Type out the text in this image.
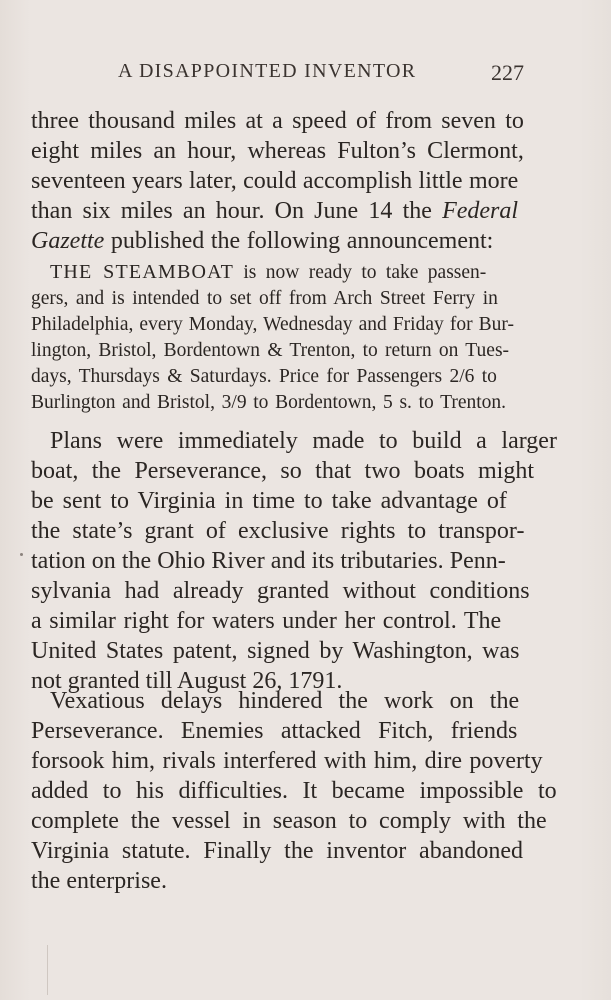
A DISAPPOINTED INVENTOR	227
three thousand miles at a speed of from seven to
eight miles an hour, whereas Fulton’s Clermont,
seventeen years later, could accomplish little more
than six miles an hour. On June 14 the Federal
Gazette published the following announcement:
THE STEAMBOAT is now ready to take passen-
gers, and is intended to set off from Arch Street Ferry in
Philadelphia, every Monday, Wednesday and Friday for Bur-
lington, Bristol, Bordentown & Trenton, to return on Tues-
days, Thursdays & Saturdays. Price for Passengers 2/6 to
Burlington and Bristol, 3/9 to Bordentown, 5 s. to Trenton.
Plans were immediately made to build a larger
boat, the Perseverance, so that two boats might
be sent to Virginia in time to take advantage of
the state’s grant of exclusive rights to transpor-
tation on the Ohio River and its tributaries. Penn-
sylvania had already granted without conditions
a similar right for waters under her control. The
United States patent, signed by Washington, was
not granted till August 26, 1791.
Vexatious delays hindered the work on the
Perseverance. Enemies attacked Fitch, friends
forsook him, rivals interfered with him, dire poverty
added to his difficulties. It became impossible to
complete the vessel in season to comply with the
Virginia statute. Finally the inventor abandoned
the enterprise.
